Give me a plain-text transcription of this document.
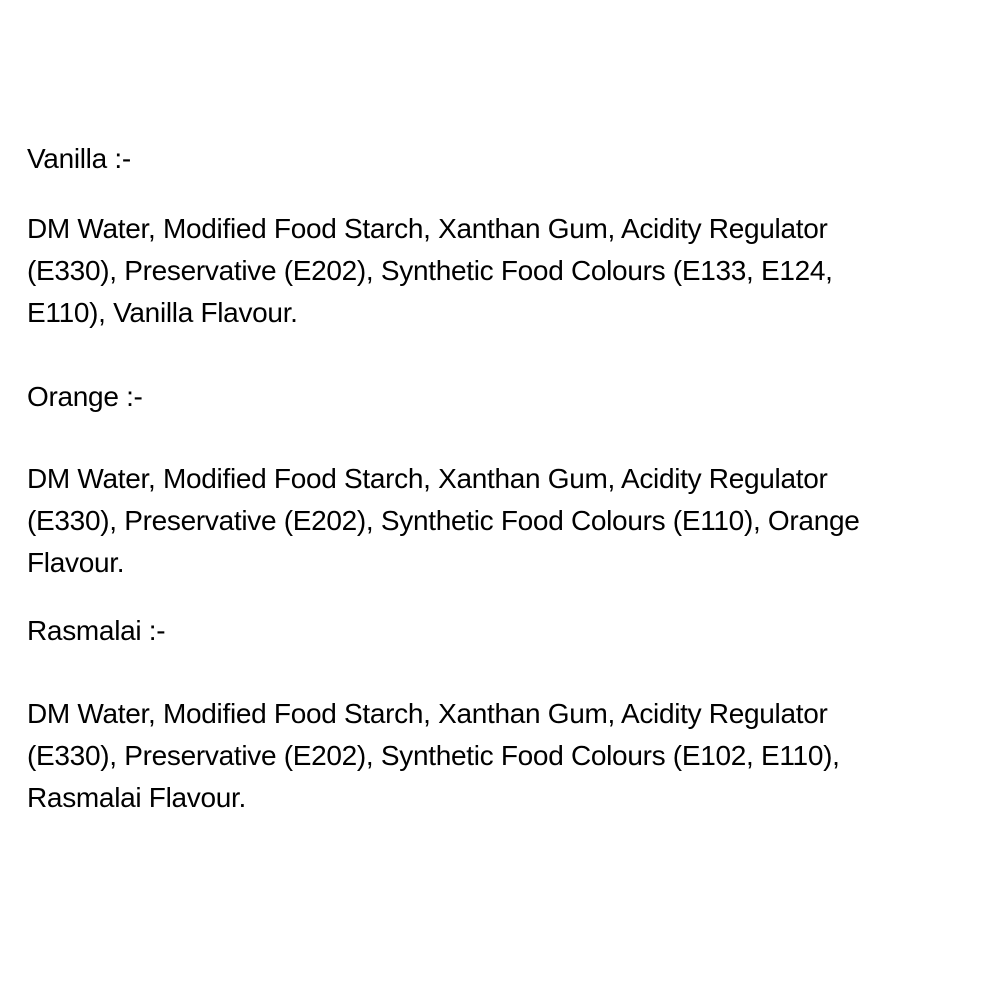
Vanilla :-

DM Water, Modified Food Starch, Xanthan Gum, Acidity Regulator
(E330), Preservative (E202), Synthetic Food Colours (E133, E124,
E110), Vanilla Flavour.

Orange :-

DM Water, Modified Food Starch, Xanthan Gum, Acidity Regulator
(E330), Preservative (E202), Synthetic Food Colours (E110), Orange
Flavour.

Rasmalai :-

DM Water, Modified Food Starch, Xanthan Gum, Acidity Regulator
(E330), Preservative (E202), Synthetic Food Colours (E102, E110),
Rasmalai Flavour.
